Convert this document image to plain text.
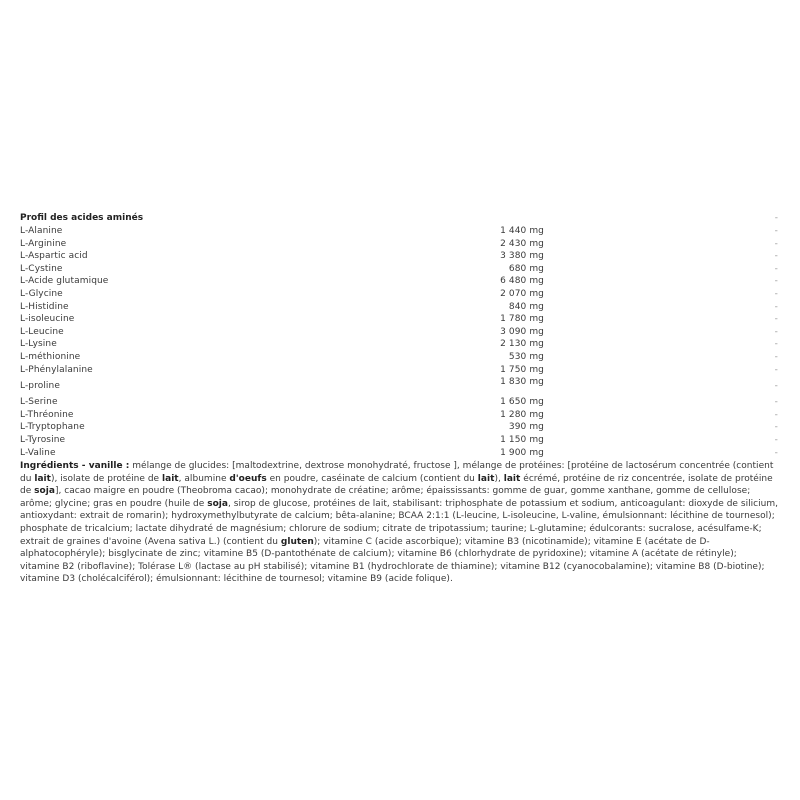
Profil des acides aminés		-
L-Alanine	1 440 mg	-
L-Arginine	2 430 mg	-
L-Aspartic acid	3 380 mg	-
L-Cystine	680 mg	-
L-Acide glutamique	6 480 mg	-
L-Glycine	2 070 mg	-
L-Histidine	840 mg	-
L-isoleucine	1 780 mg	-
L-Leucine	3 090 mg	-
L-Lysine	2 130 mg	-
L-méthionine	530 mg	-
L-Phénylalanine	1 750 mg	-
L-proline	1 830 mg	-
L-Serine	1 650 mg	-
L-Thréonine	1 280 mg	-
L-Tryptophane	390 mg	-
L-Tyrosine	1 150 mg	-
L-Valine	1 900 mg	-

Ingrédients - vanille : mélange de glucides: [maltodextrine, dextrose monohydraté, fructose ], mélange de protéines: [protéine de lactosérum concentrée (contient du lait), isolate de protéine de lait, albumine d'oeufs en poudre, caséinate de calcium (contient du lait), lait écrémé, protéine de riz concentrée, isolate de protéine de soja], cacao maigre en poudre (Theobroma cacao); monohydrate de créatine; arôme; épaississants: gomme de guar, gomme xanthane, gomme de cellulose; arôme; glycine; gras en poudre (huile de soja, sirop de glucose, protéines de lait, stabilisant: triphosphate de potassium et sodium, anticoagulant: dioxyde de silicium, antioxydant: extrait de romarin); hydroxymethylbutyrate de calcium; bêta-alanine; BCAA 2:1:1 (L-leucine, L-isoleucine, L-valine, émulsionnant: lécithine de tournesol); phosphate de tricalcium; lactate dihydraté de magnésium; chlorure de sodium; citrate de tripotassium; taurine; L-glutamine; édulcorants: sucralose, acésulfame-K; extrait de graines d'avoine (Avena sativa L.) (contient du gluten); vitamine C (acide ascorbique); vitamine B3 (nicotinamide); vitamine E (acétate de D-alphatocophéryle); bisglycinate de zinc; vitamine B5 (D-pantothénate de calcium); vitamine B6 (chlorhydrate de pyridoxine); vitamine A (acétate de rétinyle); vitamine B2 (riboflavine); Tolérase L® (lactase au pH stabilisé); vitamine B1 (hydrochlorate de thiamine); vitamine B12 (cyanocobalamine); vitamine B8 (D-biotine); vitamine D3 (cholécalciférol); émulsionnant: lécithine de tournesol; vitamine B9 (acide folique).
